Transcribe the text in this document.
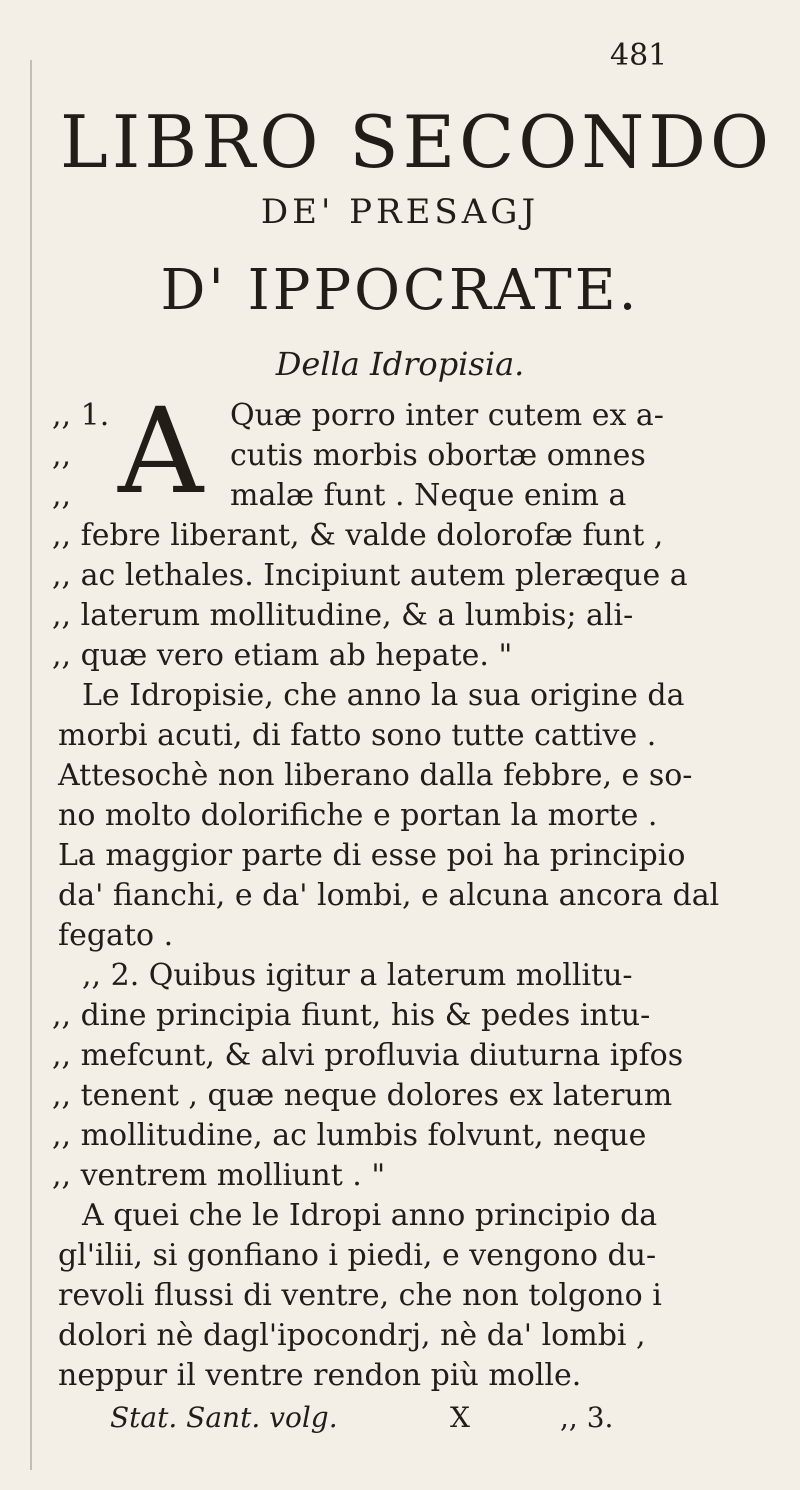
481
LIBRO SECONDO
DE' PRESAGJ
D' IPPOCRATE.
Della Idropisia.
A
,, 1.	Quæ porro inter cutem ex a-
,,	cutis morbis obortæ omnes
,,	malæ funt . Neque enim a
,, febre liberant, & valde dolorofæ funt ,
,, ac lethales. Incipiunt autem pleræque a
,, laterum mollitudine, & a lumbis; ali-
,, quæ vero etiam ab hepate. "
Le Idropisie, che anno la sua origine da
morbi acuti, di fatto sono tutte cattive .
Attesochè non liberano dalla febbre, e so-
no molto dolorifiche e portan la morte .
La maggior parte di esse poi ha principio
da' fianchi, e da' lombi, e alcuna ancora dal
fegato .
,, 2. Quibus igitur a laterum mollitu-
,, dine principia fiunt, his & pedes intu-
,, mefcunt, & alvi profluvia diuturna ipfos
,, tenent , quæ neque dolores ex laterum
,, mollitudine, ac lumbis folvunt, neque
,, ventrem molliunt . "
A quei che le Idropi anno principio da
gl'ilii, si gonfiano i piedi, e vengono du-
revoli flussi di ventre, che non tolgono i
dolori nè dagl'ipocondrj, nè da' lombi ,
neppur il ventre rendon più molle.
Stat. Sant. volg.	X	,, 3.
